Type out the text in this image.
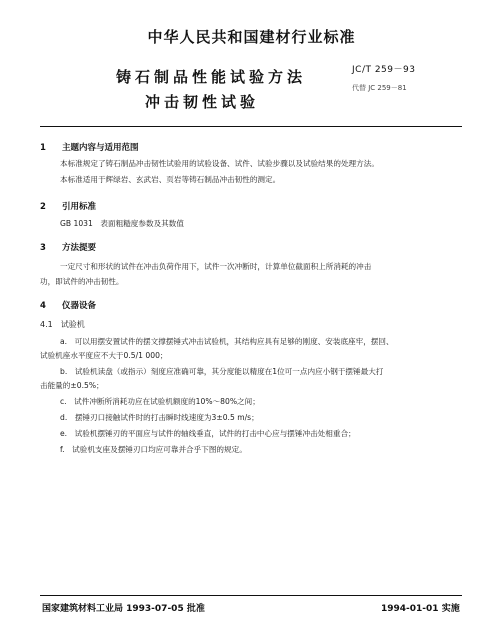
中华人民共和国建材行业标准
JC/T 259－93
代替 JC 259－81
铸石制品性能试验方法
冲击韧性试验
1 主题内容与适用范围
本标准规定了铸石制品冲击韧性试验用的试验设备、试件、试验步骤以及试验结果的处理方法。
本标准适用于辉绿岩、玄武岩、页岩等铸石制品冲击韧性的测定。
2 引用标准
GB 1031　表面粗糙度参数及其数值
3 方法提要
一定尺寸和形状的试件在冲击负荷作用下，试件一次冲断时，计算单位截面积上所消耗的冲击
功，即试件的冲击韧性。
4 仪器设备
4.1　试验机
a.　可以用摆安置试件的摆文撑摆锤式冲击试验机，其结构应具有足够的刚度、安装底座牢，摆回、
试验机座水平度应不大于0.5/1 000；
b.　试验机读盘（或指示）刻度应准确可靠，其分度能以精度在1位可一点内应小钢于摆锤最大打
击能量的±0.5%；
c.　试件冲断所消耗功应在试验机额度的10%～80%之间；
d.　摆锤刃口接触试件时的打击瞬时线速度为3±0.5 m/s；
e.　试验机摆锤刃的平面应与试件的轴线垂直，试件的打击中心应与摆锤冲击处相重合；
f.　试验机支座及摆锤刃口均应可靠并合乎下图的规定。
国家建筑材料工业局 1993-07-05 批准	1994-01-01 实施
